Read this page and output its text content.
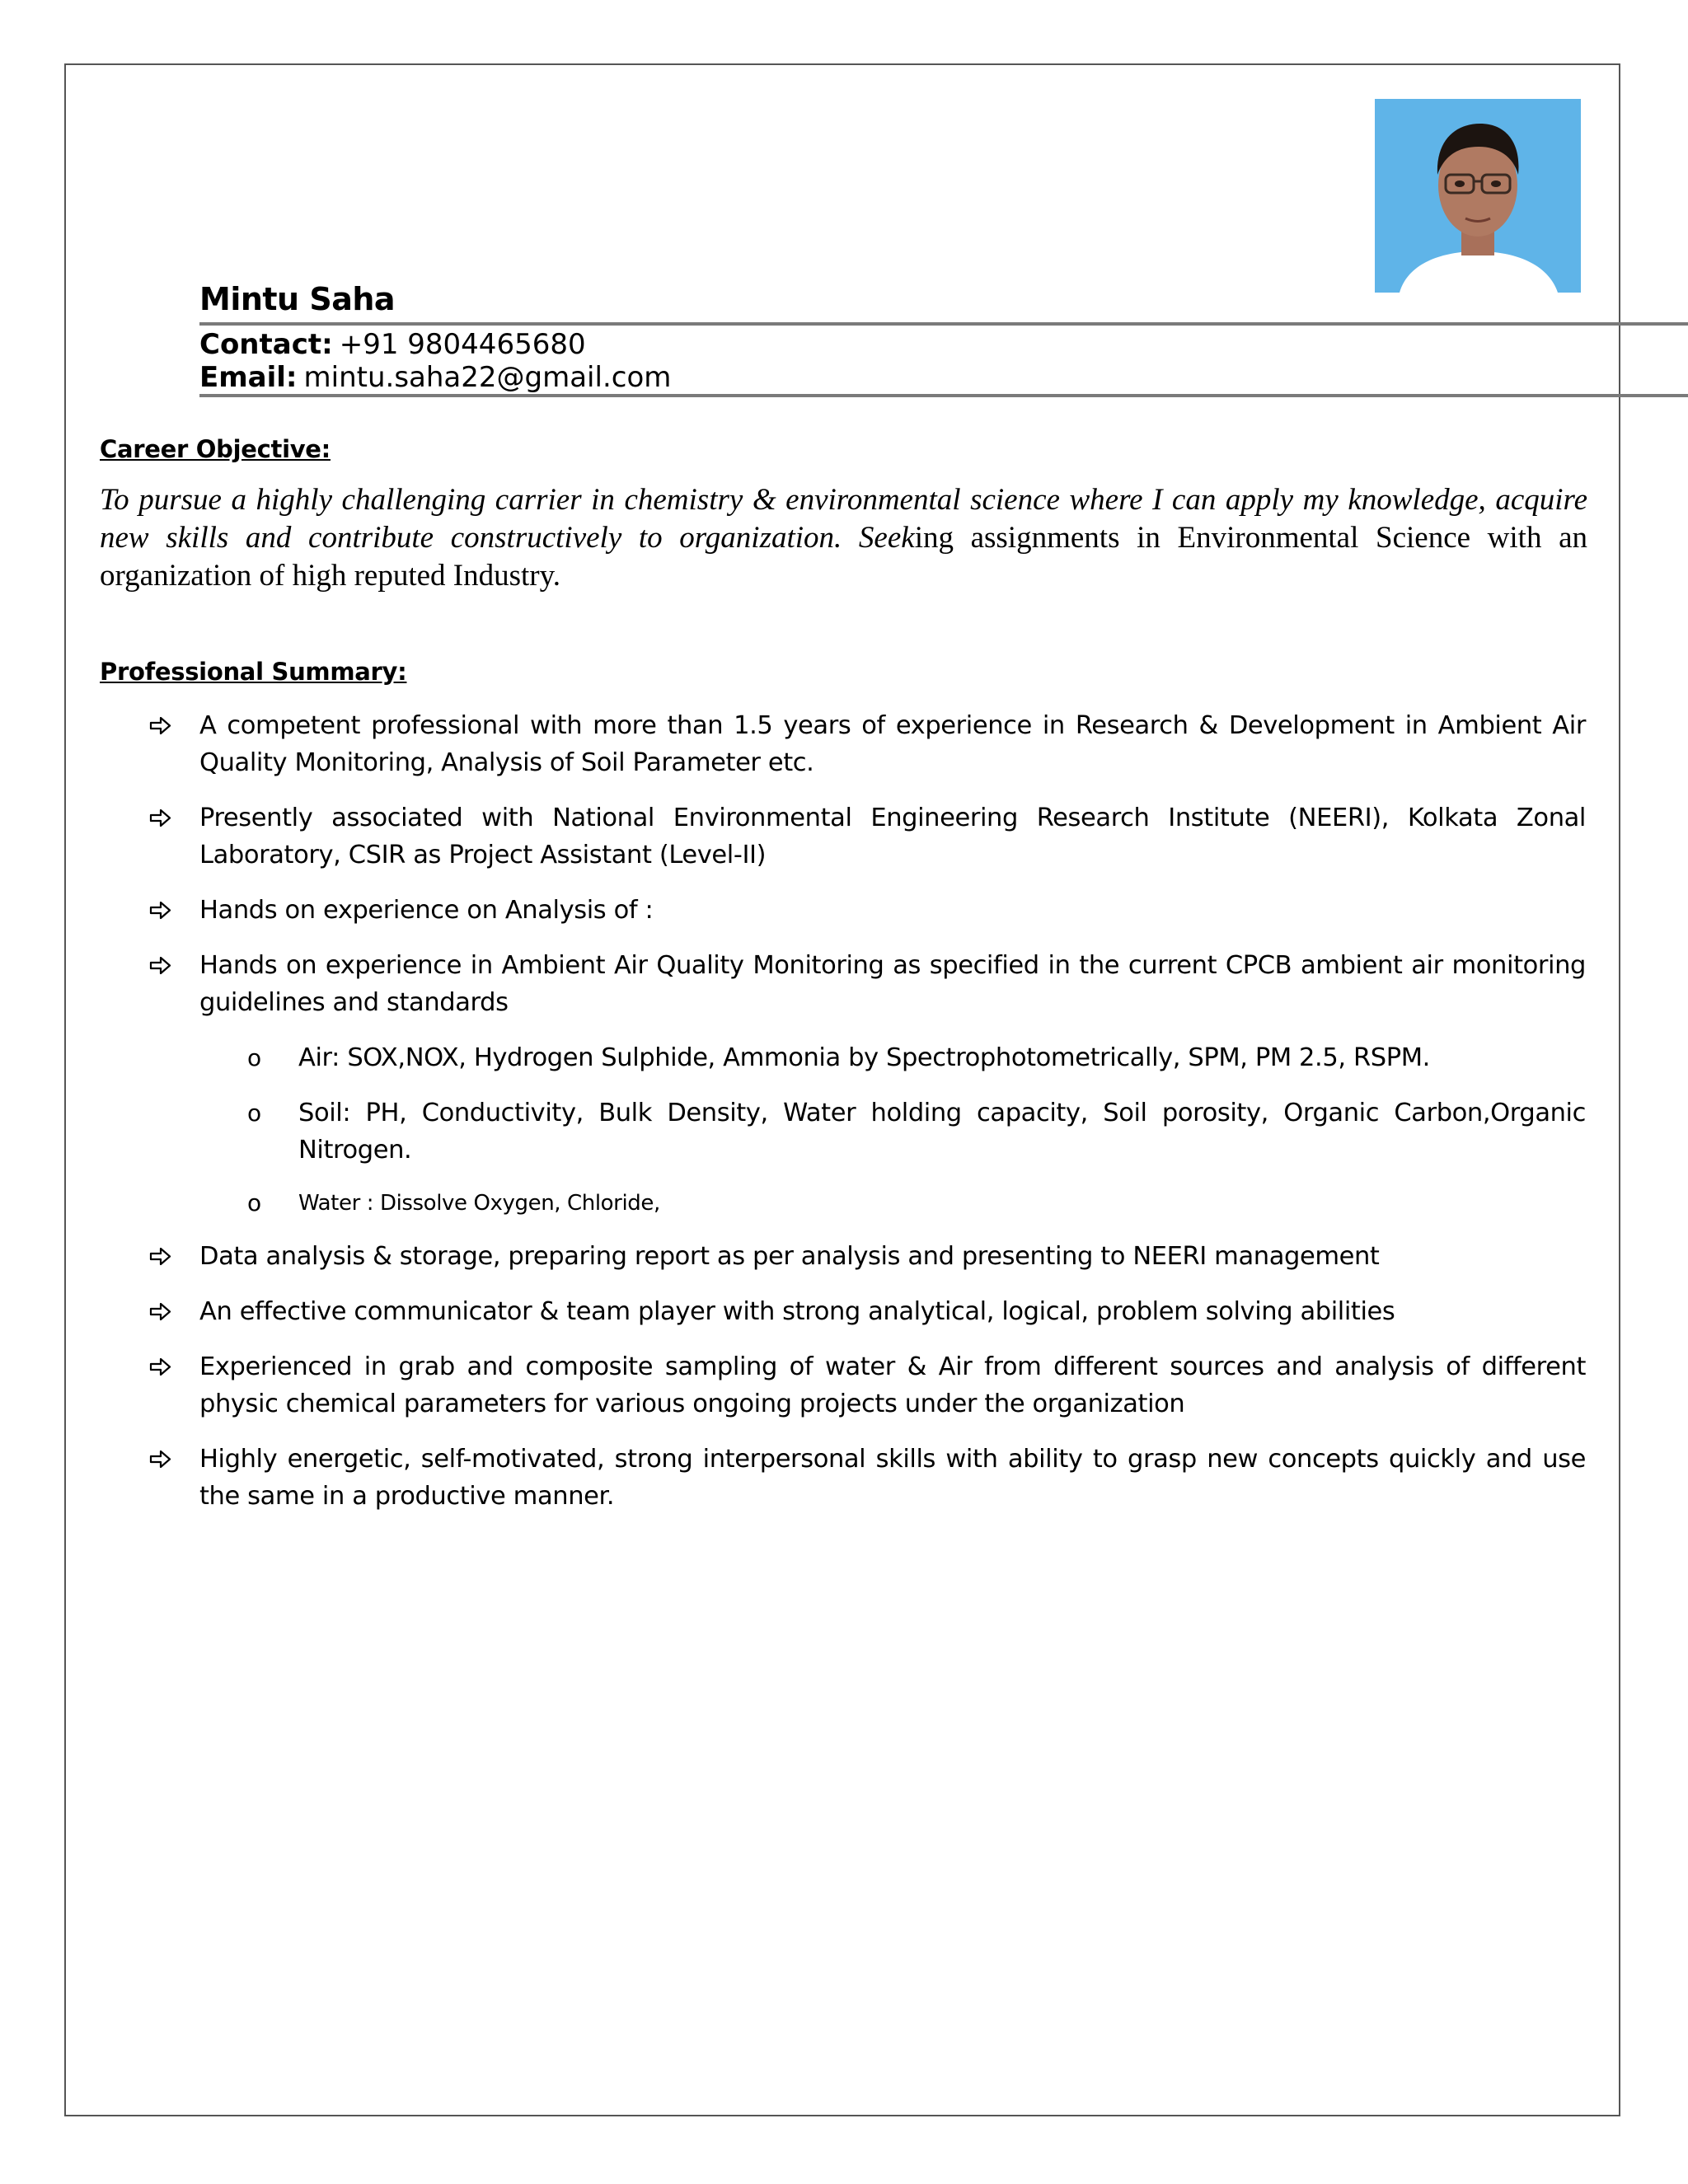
Mintu Saha
Contact: +91 9804465680
Email: mintu.saha22@gmail.com
Career Objective:
To pursue a highly challenging carrier in chemistry & environmental science where I can apply my knowledge, acquire new skills and contribute constructively to organization. Seeking assignments in Environmental Science with an organization of high reputed Industry.
Professional Summary:
A competent professional with more than 1.5 years of experience in Research & Development in Ambient Air Quality Monitoring, Analysis of Soil Parameter etc.
Presently associated with National Environmental Engineering Research Institute (NEERI), Kolkata Zonal Laboratory, CSIR as Project Assistant (Level-II)
Hands on experience on Analysis of :
Hands on experience in Ambient Air Quality Monitoring as specified in the current CPCB ambient air monitoring guidelines and standards
o Air: SOX,NOX, Hydrogen Sulphide, Ammonia by Spectrophotometrically, SPM, PM 2.5, RSPM.
o Soil: PH, Conductivity, Bulk Density, Water holding capacity, Soil porosity, Organic Carbon,Organic Nitrogen.
o Water : Dissolve Oxygen, Chloride,
Data analysis & storage, preparing report as per analysis and presenting to NEERI management
An effective communicator & team player with strong analytical, logical, problem solving abilities
Experienced in grab and composite sampling of water & Air from different sources and analysis of different physic chemical parameters for various ongoing projects under the organization
Highly energetic, self-motivated, strong interpersonal skills with ability to grasp new concepts quickly and use the same in a productive manner.
